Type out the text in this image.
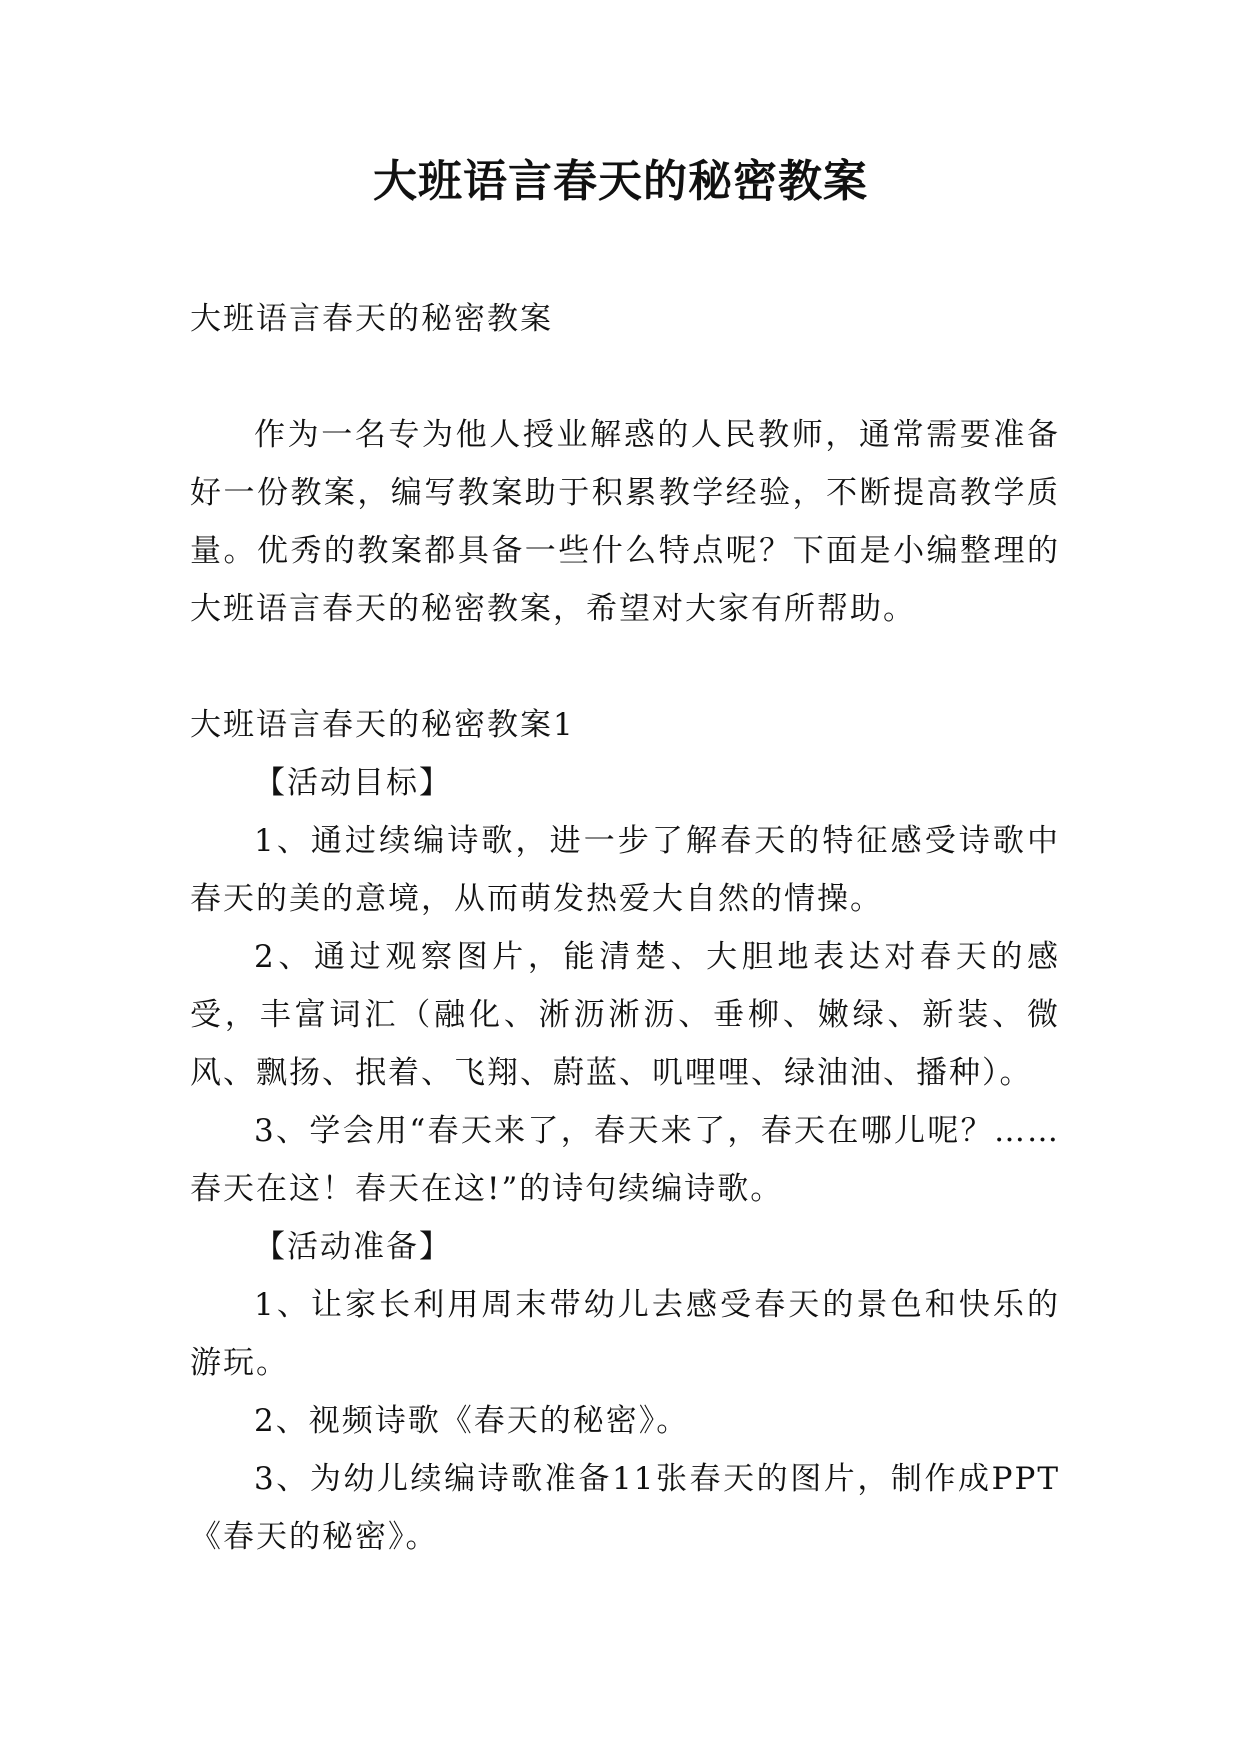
大班语言春天的秘密教案

大班语言春天的秘密教案

作为一名专为他人授业解惑的人民教师，通常需要准备好一份教案，编写教案助于积累教学经验，不断提高教学质量。优秀的教案都具备一些什么特点呢？下面是小编整理的大班语言春天的秘密教案，希望对大家有所帮助。

大班语言春天的秘密教案1

【活动目标】

1、通过续编诗歌，进一步了解春天的特征感受诗歌中春天的美的意境，从而萌发热爱大自然的情操。

2、通过观察图片，能清楚、大胆地表达对春天的感受，丰富词汇（融化、淅沥淅沥、垂柳、嫩绿、新装、微风、飘扬、抿着、飞翔、蔚蓝、叽哩哩、绿油油、播种）。

3、学会用“春天来了，春天来了，春天在哪儿呢？……春天在这！春天在这!”的诗句续编诗歌。

【活动准备】

1、让家长利用周末带幼儿去感受春天的景色和快乐的游玩。

2、视频诗歌《春天的秘密》。

3、为幼儿续编诗歌准备11张春天的图片，制作成PPT《春天的秘密》。
